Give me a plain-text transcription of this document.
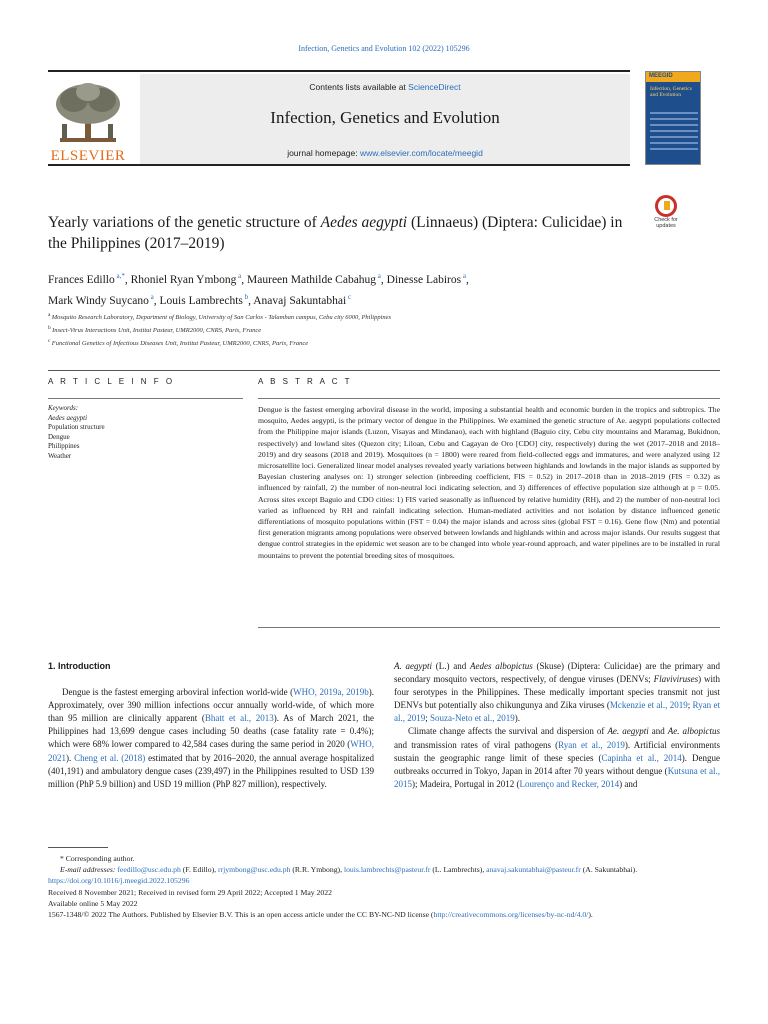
Infection, Genetics and Evolution 102 (2022) 105296
ELSEVIER
Contents lists available at ScienceDirect
Infection, Genetics and Evolution
journal homepage: www.elsevier.com/locate/meegid
MEEGID
Infection, Genetics and Evolution
Check for updates
Yearly variations of the genetic structure of Aedes aegypti (Linnaeus) (Diptera: Culicidae) in the Philippines (2017–2019)
Frances Edillo $^{a,*}$, Rhoniel Ryan Ymbong $^a$, Maureen Mathilde Cabahug $^a$, Dinesse Labiros $^a$,
Mark Windy Suycano $^a$, Louis Lambrechts $^b$, Anavaj Sakuntabhai $^c$
$^a$ Mosquito Research Laboratory, Department of Biology, University of San Carlos - Talamban campus, Cebu city 6000, Philippines
$^b$ Insect-Virus Interactions Unit, Institut Pasteur, UMR2000, CNRS, Paris, France
$^c$ Functional Genetics of Infectious Diseases Unit, Institut Pasteur, UMR2000, CNRS, Paris, France
A R T I C L E I N F O	A B S T R A C T
Keywords:
Aedes aegypti
Population structure
Dengue
Philippines
Weather
Dengue is the fastest emerging arboviral disease in the world, imposing a substantial health and economic burden in the tropics and subtropics. The mosquito, Aedes aegypti, is the primary vector of dengue in the Philippines. We examined the genetic structure of Ae. aegypti populations collected from the Philippine major islands (Luzon, Visayas and Mindanao), each with highland (Baguio city, Cebu city mountains and Maramag, Bukidnon, respectively) and lowland sites (Quezon city; Liloan, Cebu and Cagayan de Oro [CDO] city, respectively) during the wet (2017–2018 and 2018–2019) and dry seasons (2018 and 2019). Mosquitoes (n = 1800) were reared from field-collected eggs and immatures, and were analyzed using 12 microsatellite loci. Generalized linear model analyses revealed yearly variations between highlands and lowlands in the major islands as supported by Bayesian clustering analyses on: 1) stronger selection (inbreeding coefficient, FIS = 0.52) in 2017–2018 than in 2018–2019 (FIS = 0.32) as influenced by rainfall, 2) the number of non-neutral loci indicating selection, and 3) differences of effective population size although at p = 0.05. Across sites except Baguio and CDO cities: 1) FIS varied seasonally as influenced by relative humidity (RH), and 2) the number of non-neutral loci varied as influenced by RH and rainfall indicating selection. Human-mediated activities and not isolation by distance influenced genetic differentiations of mosquito populations within (FST = 0.04) the major islands and across sites (global FST = 0.16). Gene flow (Nm) and potential first generation migrants among populations were observed between lowlands and highlands within and across major islands. Our results suggest that dengue control strategies in the epidemic wet season are to be changed into whole year-round approach, and water pipelines are to be installed in rural mountains to prevent the potential breeding sites of mosquitoes.
1. Introduction

Dengue is the fastest emerging arboviral infection world-wide (WHO, 2019a, 2019b). Approximately, over 390 million infections occur annually world-wide, of which more than 95 million are clinically apparent (Bhatt et al., 2013). As of March 2021, the Philippines had 13,699 dengue cases including 50 deaths (case fatality rate = 0.4%); which were 68% lower compared to 42,584 cases during the same period in 2020 (WHO, 2021). Cheng et al. (2018) estimated that by 2016–2020, the annual average hospitalized (401,191) and ambulatory dengue cases (239,497) in the Philippines resulted to USD 139 million (PhP 5.9 billion) and USD 19 million (PhP 827 million), respectively.

A. aegypti (L.) and Aedes albopictus (Skuse) (Diptera: Culicidae) are the primary and secondary mosquito vectors, respectively, of dengue viruses (DENVs; Flaviviruses) with four serotypes in the Philippines. These medically important species transmit not just DENVs but potentially also chikungunya and Zika viruses (Mckenzie et al., 2019; Ryan et al., 2019; Souza-Neto et al., 2019).

Climate change affects the survival and dispersion of Ae. aegypti and Ae. albopictus and transmission rates of viral pathogens (Ryan et al., 2019). Artificial environments sustain the geographic range limit of these species (Capinha et al., 2014). Dengue outbreaks occurred in Tokyo, Japan in 2014 after 70 years without dengue (Kutsuna et al., 2015); Madeira, Portugal in 2012 (Lourenço and Recker, 2014) and

* Corresponding author.
E-mail addresses: feedillo@usc.edu.ph (F. Edillo), rrjymbong@usc.edu.ph (R.R. Ymbong), louis.lambrechts@pasteur.fr (L. Lambrechts), anavaj.sakuntabhai@pasteur.fr (A. Sakuntabhai).
https://doi.org/10.1016/j.meegid.2022.105296
Received 8 November 2021; Received in revised form 29 April 2022; Accepted 1 May 2022
Available online 5 May 2022
1567-1348/© 2022 The Authors. Published by Elsevier B.V. This is an open access article under the CC BY-NC-ND license (http://creativecommons.org/licenses/by-nc-nd/4.0/).
